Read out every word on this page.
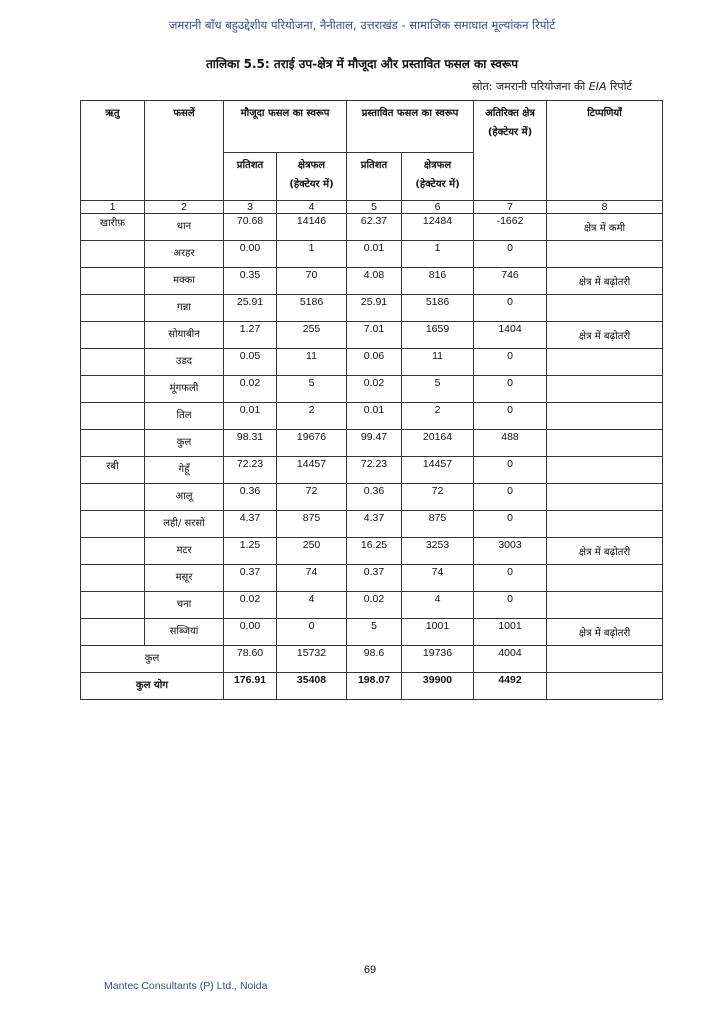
जमरानी बाँध बहुउद्देशीय परियोजना, नैनीताल, उत्तराखंड - सामाजिक समाघात मूल्यांकन रिपोर्ट
तालिका 5.5: तराई उप-क्षेत्र में मौजूदा और प्रस्तावित फसल का स्वरूप
स्रोत: जमरानी परियोजना की EIA रिपोर्ट
ऋतु	फसलें	मौजूदा फसल का स्वरूप		प्रस्तावित फसल का स्वरूप		अतिरिक्त क्षेत्र
(हेक्टेयर में)	टिप्पणियाँ
		प्रतिशत	क्षेत्रफल
(हेक्टेयर में)	प्रतिशत	क्षेत्रफल
(हेक्टेयर में)		

1	2	3	4	5	6	7	8
खारीफ़	धान	70.68	14146	62.37	12484	-1662	क्षेत्र में कमी
	अरहर	0.00	1	0.01	1	0	
	मक्का	0.35	70	4.08	816	746	क्षेत्र में बढ़ोतरी
	गन्ना	25.91	5186	25.91	5186	0	
	सोयाबीन	1.27	255	7.01	1659	1404	क्षेत्र में बढ़ोतरी
	उडद	0.05	11	0.06	11	0	
	मूंगफली	0.02	5	0.02	5	0	
	तिल	0.01	2	0.01	2	0	
	कुल	98.31	19676	99.47	20164	488	
रबी	गेहूँ	72.23	14457	72.23	14457	0	
	आलू	0.36	72	0.36	72	0	
	लही/ सरसों	4.37	875	4.37	875	0	
	मटर	1.25	250	16.25	3253	3003	क्षेत्र में बढ़ोतरी
	मसूर	0.37	74	0.37	74	0	
	चना	0.02	4	0.02	4	0	
	सब्जियां	0.00	0	5	1001	1001	क्षेत्र में बढ़ोतरी
कुल		78.60	15732	98.6	19736	4004	
कुल योग		176.91	35408	198.07	39900	4492	
69
Mantec Consultants (P) Ltd., Noida
